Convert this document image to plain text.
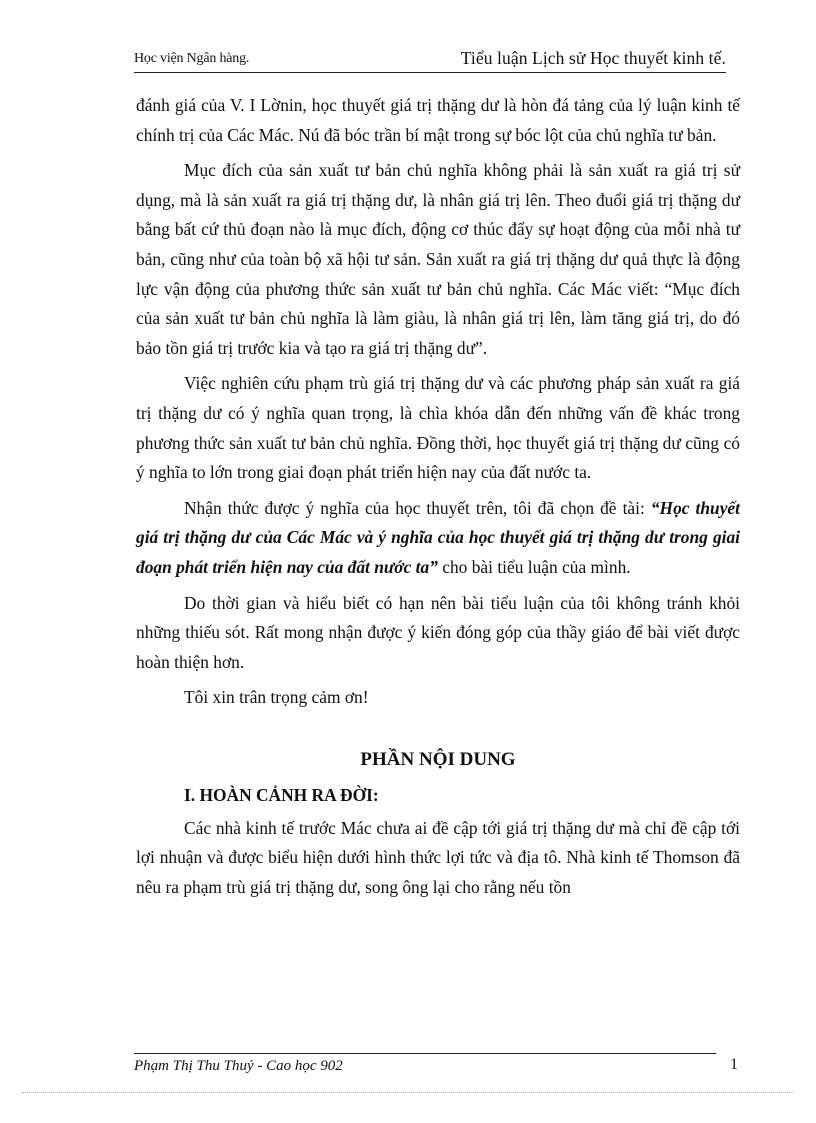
Học viện Ngân hàng.	Tiểu luận Lịch sử Học thuyết kinh tế.

đánh giá của V. I Lờnin, học thuyết giá trị thặng dư là hòn đá tảng của lý luận kinh tế chính trị của Các Mác. Nú đã bóc trần bí mật trong sự bóc lột của chủ nghĩa tư bản.

Mục đích của sản xuất tư bản chủ nghĩa không phải là sản xuất ra giá trị sử dụng, mà là sản xuất ra giá trị thặng dư, là nhân giá trị lên. Theo đuổi giá trị thặng dư bằng bất cứ thủ đoạn nào là mục đích, động cơ thúc đẩy sự hoạt động của mỗi nhà tư bản, cũng như của toàn bộ xã hội tư sản. Sản xuất ra giá trị thặng dư quả thực là động lực vận động của phương thức sản xuất tư bản chủ nghĩa. Các Mác viết: “Mục đích của sản xuất tư bản chủ nghĩa là làm giàu, là nhân giá trị lên, làm tăng giá trị, do đó bảo tồn giá trị trước kia và tạo ra giá trị thặng dư”.

Việc nghiên cứu phạm trù giá trị thặng dư và các phương pháp sản xuất ra giá trị thặng dư có ý nghĩa quan trọng, là chìa khóa dẫn đến những vấn đề khác trong phương thức sản xuất tư bản chủ nghĩa. Đồng thời, học thuyết giá trị thặng dư cũng có ý nghĩa to lớn trong giai đoạn phát triển hiện nay của đất nước ta.

Nhận thức được ý nghĩa của học thuyết trên, tôi đã chọn đề tài: “Học thuyết giá trị thặng dư của Các Mác và ý nghĩa của học thuyết giá trị thặng dư trong giai đoạn phát triển hiện nay của đất nước ta” cho bài tiểu luận của mình.

Do thời gian và hiểu biết có hạn nên bài tiểu luận của tôi không tránh khỏi những thiếu sót. Rất mong nhận được ý kiến đóng góp của thầy giáo để bài viết được hoàn thiện hơn.

Tôi xin trân trọng cảm ơn!

PHẦN NỘI DUNG
I. HOÀN CẢNH RA ĐỜI:

Các nhà kinh tế trước Mác chưa ai đề cập tới giá trị thặng dư mà chỉ đề cập tới lợi nhuận và được biểu hiện dưới hình thức lợi tức và địa tô. Nhà kinh tế Thomson đã nêu ra phạm trù giá trị thặng dư, song ông lại cho rằng nếu tồn

Phạm Thị Thu Thuỷ - Cao học 902	1
